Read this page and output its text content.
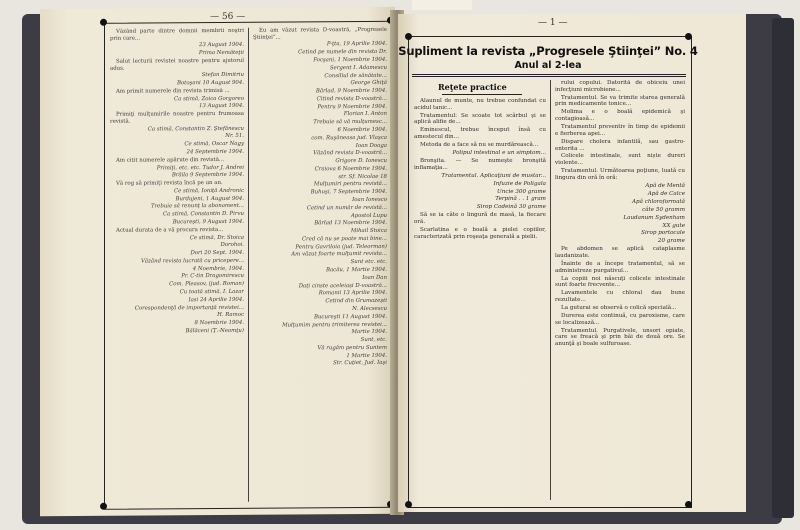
— 56 —

Văzând parte dintre domnii membrii noştri prin care...

23 August 1904.

Prima Nemăteţii

Salut lecturii revistei noastre pentru ajutorul adus.

Stefan Dimitriu

Botoşani 10 August 904.

Am primit numerele din revista trimisă ...

Ca stimă, Zoica Gorgoreo

13 August 1904.

Primiţi mulţumirile noastre pentru frumoasa revistă.

Ca stimă, Constantin Z. Ştefănescu

Nr. 51.

Ce stimă, Oscar Nagy

24 Septembrie 1904.

Am citit numerele apărute din revistă...

Primiţi, etc. etc. Tudor J. Andrei

Brăila 9 Septembrie 1904.

Vă rog să primiţi revista încă pe un an.

Ce stimă, Ioniţă Andronic

Burdujeni, 1 August 904.

Trebuie să renunţ la abonament...

Ca stimă, Constantin D. Pirvu

Bucureşti, 9 August 1904.

Actual durata de a vă procura revista...

Ce stimă, Dr. Stoica

Dorohoi.

Dori 20 Sept. 1904.

Văzând revista lucrată cu pricepere...

4 Noembrie, 1904.

Pr. C-tin Dragomirescu

Com. Pleasov, (jud. Roman)

Cu toată stimă, I. Lazar

Iasi 24 Aprilie 1904.

Corespondenţă de importanţă revistei...

H. Ramoc

8 Noembrie 1904.

Bălăceni (Ţ.-Neamţu)

Eu am văzut revista D-voastră, „Progresele Ştiinţei”...

P-ţta, 19 Aprilie 1904.

Cetind pe numele din revista Dr.

Focşani, 1 Noembrie 1904.

Sergent I. Adamescu

Consiliul de sănătate...

George Ghiţă

Bârlad, 9 Noembrie 1904.

Citind revista D-voastră...

Pentru 9 Noembrie 1904.

Florian I. Anton

Trebuie să vă mulţumesc...

6 Noembrie 1904.

com. Ruşăneasa jud. Vlaşca

Ioan Doaga

Văzând revista D-voastră...

Grigore D. Ionescu

Craiova 6 Noembrie 1904.

str. Sf. Nicolae 18

Mulţumiri pentru revistă...

Buhuşi, 7 Septembrie 1904.

Ioan Ionesco

Cetind un număr de revistă...

Apostol Lupu

Bârlad 13 Noembrie 1904.

Mihail Stoica

Cred că nu se poate mai bine...

Pentru Gavriloia (jud. Teleorman)

Am văzut foarte mulţumit revista...

Sunt etc. etc.

Bacău, 1 Martie 1904.

Ioan Dan

Dați cinste aceleiași D-voastră...

Romanii 13 Aprilie 1904.

Cetind din Grumazeşti

N. Alecsescu

Bucureşti 11 August 1904.

Mulţumim pentru trimiterea revistei...

Martie 1904.

Sunt, etc.

Vă rugăm pentru Suntem

1 Martie 1904.

Str. Cuţiet, Jud. Iaşi

— 1 —
Supliment la revista „Progresele Ştiinţei” No. 4
Anul al 2-lea
Reţete practice

Alaunul de munte, nu trebue confundat cu acidul tanic...

Tratamentul: Se scoate tot scârbul şi se aplică alifie de...

Eminescul, trebue început însă cu amestecul din...

Metoda de a face să nu se murdărească...

Polipul intestinal e un simptom...

Bronşita. — Se numeşte bronşită inflamaţia...

Tratamentul. Aplicaţiuni de mustar...

Infuzie de Poligala

Uncie 300 grame

Terpină . . 1 gram

Sirop Codeină 30 grame

Să se ia câte o lingură de masă, la fiecare oră.

Scarlatina e o boală a pielei copiilor, caracterizată prin roşeaţa generală a pielii.

rului copului. Datorită de obiceiu unei infecţiuni microbiene...

Tratamentul. Se va trimite starea generală prin medicamente tonice...

Molima e o boală epidemică şi contagioasă...

Tratamentul preventiv în timp de epidemii e fierberea apei...

Dispare cholera infantilă, sau gastro-enterita ...

Colicele intestinale, sunt niște dureri violente...

Tratamentul. Următoarea poţiune, luată cu lingura din oră în oră:

Apă de Mentă

Apă de Calce

Apă chloroformată

câte 50 gramm

Laudanum Sydenham

XX gute

Sirop portocale

20 grame

Pe abdomen se aplică cataplasme laudanizate.

Înainte de a începe tratamentul, să se administreze purgativul...

La copiii noi născuţi colicele intestinale sunt foarte frecvente...

Lavamentele cu chloral dau bune rezultate...

La guturai se observă o colică specială...

Durerea este continuă, cu paroxisme, care se localizează...

Tratamentul. Purgativele, unsori opiate, care se freacă şi prin băi de două ore. Se anunţă şi boale sulfuroase.
